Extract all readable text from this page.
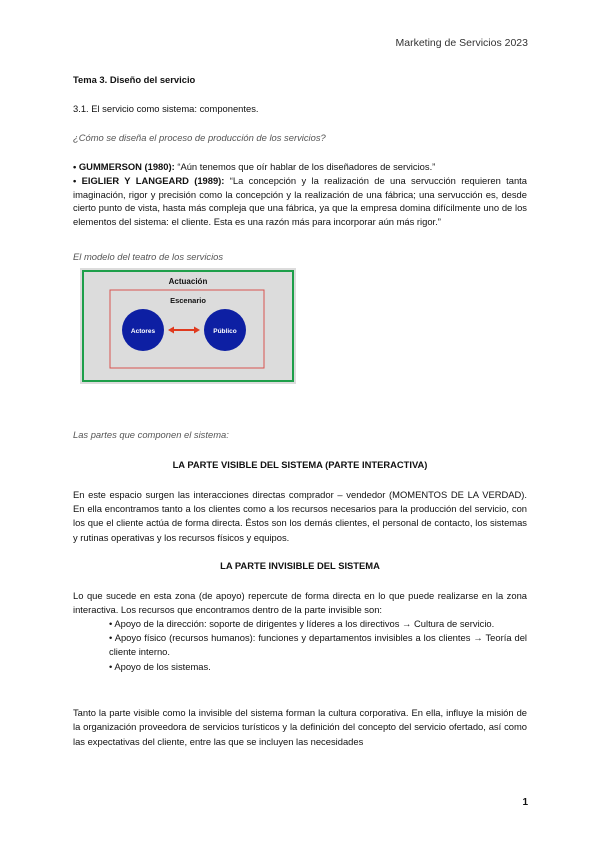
Marketing de Servicios 2023
Tema 3. Diseño del servicio
3.1. El servicio como sistema: componentes.
¿Cómo se diseña el proceso de producción de los servicios?

• GUMMERSON (1980): “Aún tenemos que oír hablar de los diseñadores de servicios.”

• EIGLIER Y LANGEARD (1989): “La concepción y la realización de una servucción requieren tanta imaginación, rigor y precisión como la concepción y la realización de una fábrica; una servucción es, desde cierto punto de vista, hasta más compleja que una fábrica, ya que la empresa domina difícilmente uno de los elementos del sistema: el cliente. Esta es una razón más para incorporar aún más rigor.”

El modelo del teatro de los servicios
Actuación
Escenario
Actores	Público
Las partes que componen el sistema:
LA PARTE VISIBLE DEL SISTEMA (PARTE INTERACTIVA)
En este espacio surgen las interacciones directas comprador – vendedor (MOMENTOS DE LA VERDAD). En ella encontramos tanto a los clientes como a los recursos necesarios para la producción del servicio, con los que el cliente actúa de forma directa. Éstos son los demás clientes, el personal de contacto, los sistemas y rutinas operativas y los recursos físicos y equipos.
LA PARTE INVISIBLE DEL SISTEMA
Lo que sucede en esta zona (de apoyo) repercute de forma directa en lo que puede realizarse en la zona interactiva. Los recursos que encontramos dentro de la parte invisible son:
• Apoyo de la dirección: soporte de dirigentes y líderes a los directivos → Cultura de servicio.
• Apoyo físico (recursos humanos): funciones y departamentos invisibles a los clientes → Teoría del cliente interno.
• Apoyo de los sistemas.
Tanto la parte visible como la invisible del sistema forman la cultura corporativa. En ella, influye la misión de la organización proveedora de servicios turísticos y la definición del concepto del servicio ofertado, así como las expectativas del cliente, entre las que se incluyen las necesidades
1
